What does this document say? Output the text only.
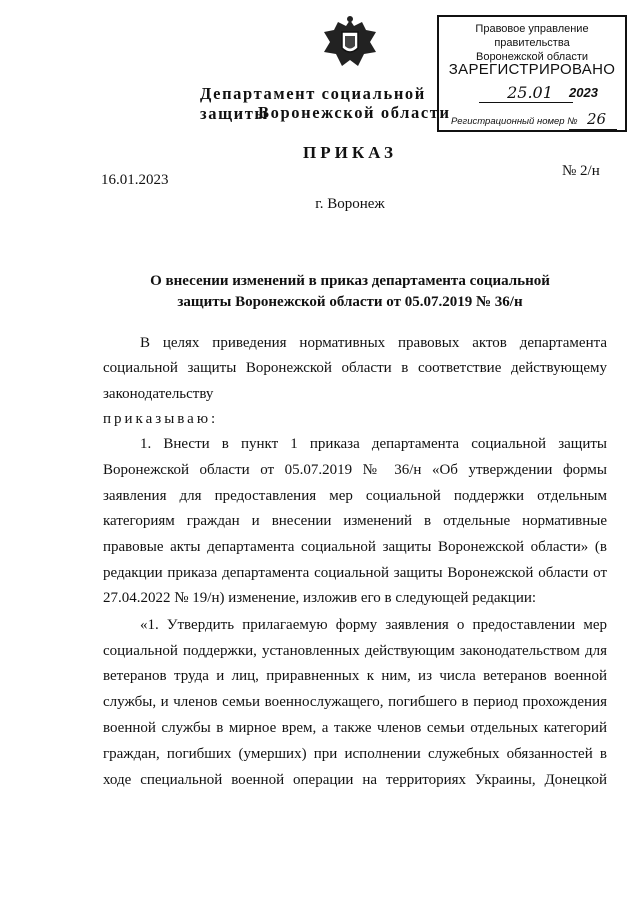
Департамент социальной защиты
Воронежской области
Правовое управление правительства
Воронежской области
ЗАРЕГИСТРИРОВАНО
25.01	2023
Регистрационный номер № 26
ПРИКАЗ
№ 2/н
16.01.2023
г. Воронеж
О внесении изменений в приказ департамента социальной
защиты Воронежской области от 05.07.2019 № 36/н
В целях приведения нормативных правовых актов департамента
социальной защиты Воронежской области в соответствие действующему
законодательству
приказываю:
1. Внести в пункт 1 приказа департамента социальной защиты
Воронежской области от 05.07.2019 № 36/н «Об утверждении формы
заявления для предоставления мер социальной поддержки отдельным
категориям граждан и внесении изменений в отдельные нормативные
правовые акты департамента социальной защиты Воронежской области» (в
редакции приказа департамента социальной защиты Воронежской области от
27.04.2022 № 19/н) изменение, изложив его в следующей редакции:
«1. Утвердить прилагаемую форму заявления о предоставлении мер
социальной поддержки, установленных действующим законодательством для
ветеранов труда и лиц, приравненных к ним, из числа ветеранов военной
службы, и членов семьи военнослужащего, погибшего в период прохождения
военной службы в мирное врем, а также членов семьи отдельных категорий
граждан, погибших (умерших) при исполнении служебных обязанностей в
ходе специальной военной операции на территориях Украины, Донецкой
